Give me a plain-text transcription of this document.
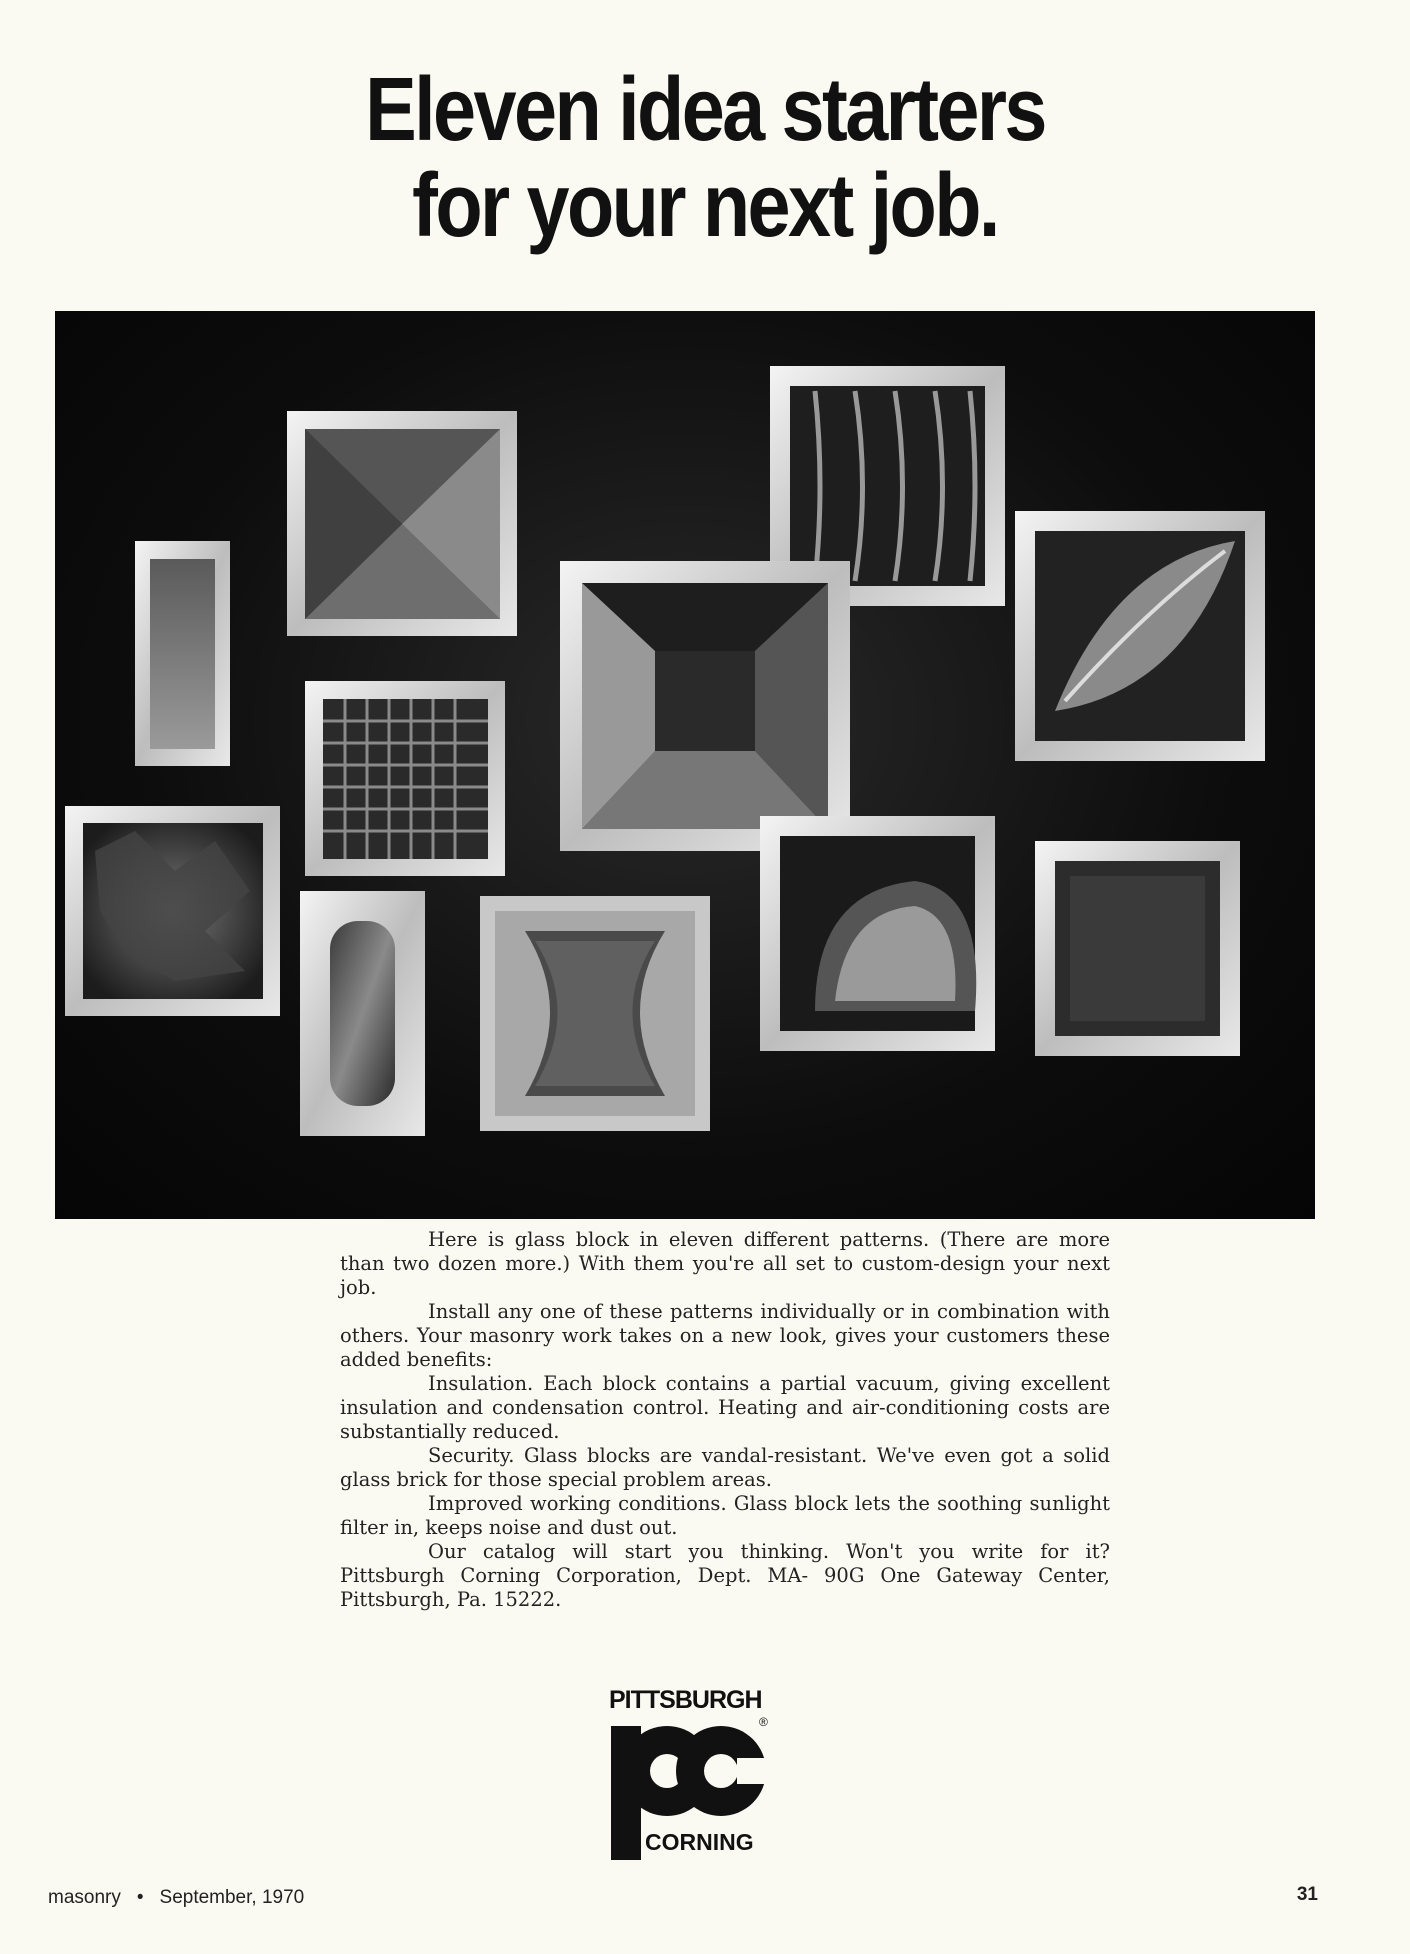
Eleven idea starters
for your next job.

Here is glass block in eleven different patterns. (There are more than two dozen more.) With them you're all set to custom-design your next job.

Install any one of these patterns individually or in combination with others. Your masonry work takes on a new look, gives your customers these added benefits:

Insulation. Each block contains a partial vacuum, giving excellent insulation and condensation control. Heating and air-conditioning costs are substantially reduced.

Security. Glass blocks are vandal-resistant. We've even got a solid glass brick for those special problem areas.

Improved working conditions. Glass block lets the soothing sunlight filter in, keeps noise and dust out.

Our catalog will start you thinking. Won't you write for it? Pittsburgh Corning Corporation, Dept. MA- 90G One Gateway Center, Pittsburgh, Pa. 15222.

PITTSBURGH
CORNING
®
pc
masonry • September, 1970	31
